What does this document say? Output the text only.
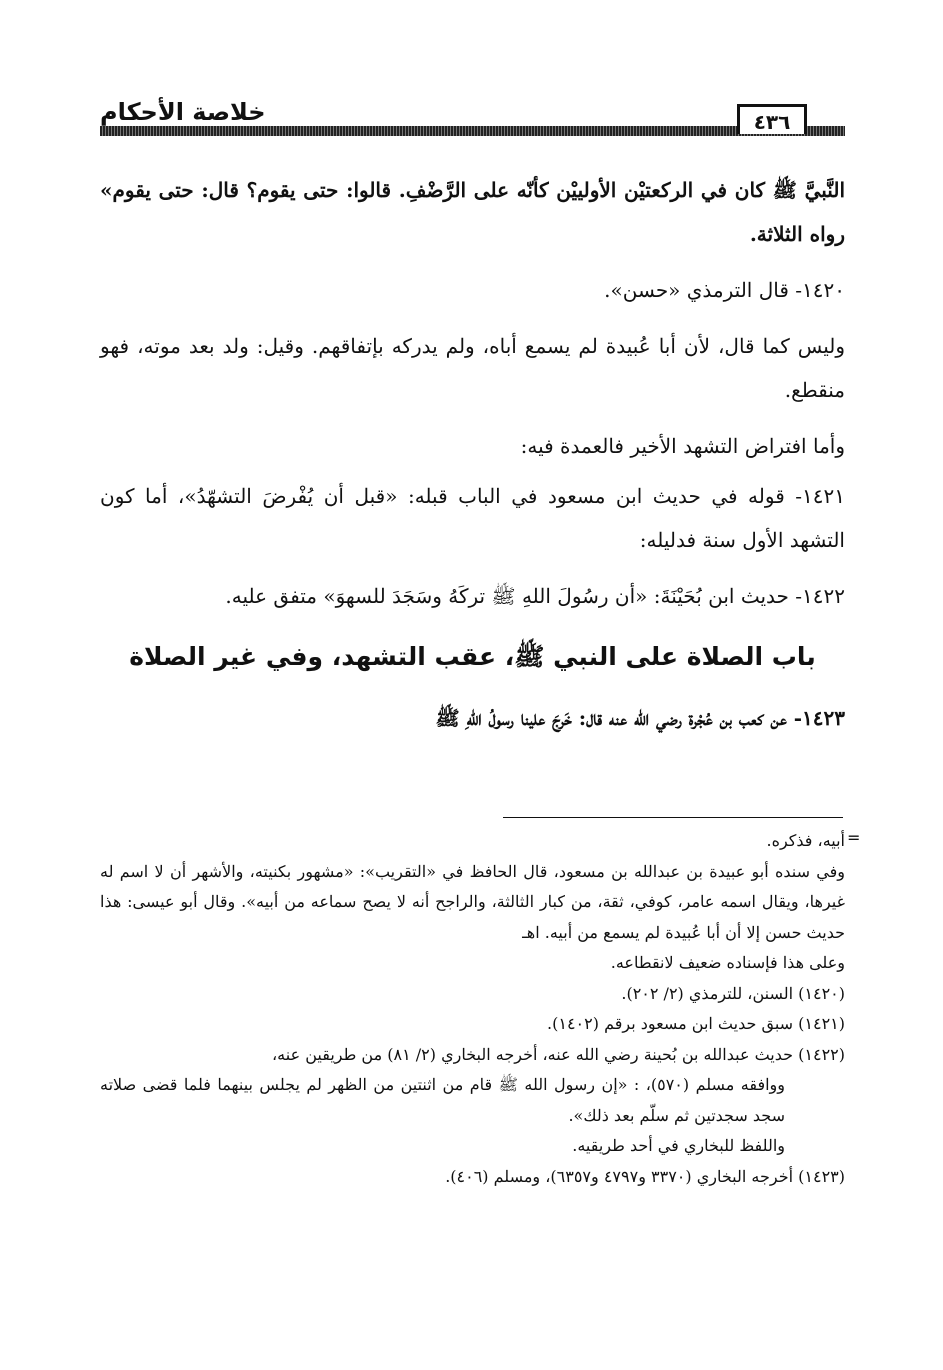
خلاصة الأحكام	٤٣٦

النَّبيَّ ﷺ كان في الركعتيْن الأولييْن كأنّه على الرَّضْفِ. قالوا: حتى يقوم؟ قال: حتى يقوم» رواه الثلاثة.

١٤٢٠- قال الترمذي «حسن».

وليس كما قال، لأن أبا عُبيدة لم يسمع أباه، ولم يدركه بإتفاقهم. وقيل: ولد بعد موته، فهو منقطع.

وأما افتراض التشهد الأخير فالعمدة فيه:

١٤٢١- قوله في حديث ابن مسعود في الباب قبله: «قبل أن يُفْرضَ التشهّدُ»، أما كون التشهد الأول سنة فدليله:

١٤٢٢- حديث ابن بُحَيْنَةَ: «أن رسُولَ اللهِ ﷺ تركَهُ وسَجَدَ للسهوَ» متفق عليه.

باب الصلاة على النبي ﷺ، عقب التشهد، وفي غير الصلاة

١٤٢٣- عن كعب بن عُجْرة رضي الله عنه قال: خَرجَ علينا رسولُ اللهِ ﷺ

=

أبيه، فذكره.

وفي سنده أبو عبيدة بن عبدالله بن مسعود، قال الحافظ في «التقريب»: «مشهور بكنيته، والأشهر أن لا اسم له غيرها، ويقال اسمه عامر، كوفي، ثقة، من كبار الثالثة، والراجح أنه لا يصح سماعه من أبيه». وقال أبو عيسى: هذا حديث حسن إلا أن أبا عُبيدة لم يسمع من أبيه. اهـ

وعلى هذا فإسناده ضعيف لانقطاعه.

(١٤٢٠) السنن، للترمذي (٢/ ٢٠٢).

(١٤٢١) سبق حديث ابن مسعود برقم (١٤٠٢).

(١٤٢٢) حديث عبدالله بن بُحينة رضي الله عنه، أخرجه البخاري (٢/ ٨١) من طريقين عنه،

ووافقه مسلم (٥٧٠)، : «إن رسول الله ﷺ قام من اثنتين من الظهر لم يجلس بينهما فلما قضى صلاته سجد سجدتين ثم سلّم بعد ذلك».

واللفظ للبخاري في أحد طريقيه.

(١٤٢٣) أخرجه البخاري (٣٣٧٠ و٤٧٩٧ و٦٣٥٧)، ومسلم (٤٠٦).
